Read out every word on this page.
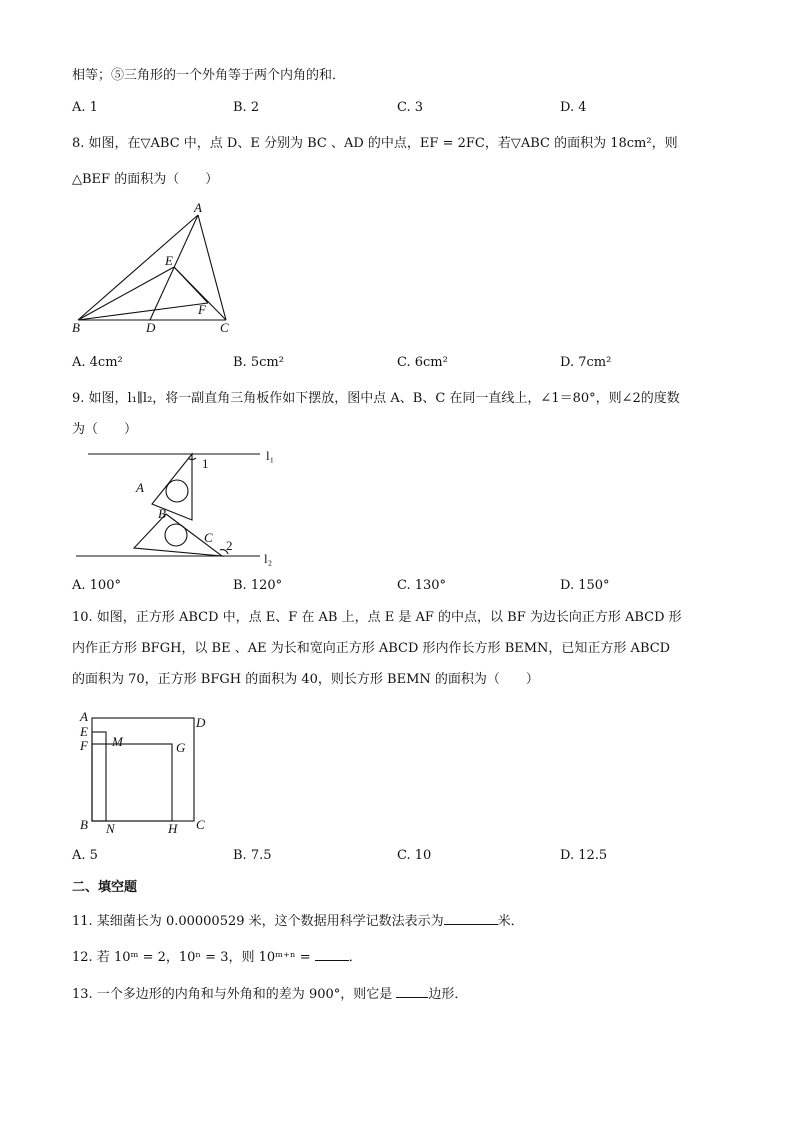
相等；⑤三角形的一个外角等于两个内角的和．
A. 1	B. 2	C. 3	D. 4
8. 如图，在▽ABC 中，点 D、E 分别为 BC 、AD 的中点，EF = 2FC，若▽ABC 的面积为 18cm²，则
△BEF 的面积为（　　）
A
E
F
B	D	C
A. 4cm²	B. 5cm²	C. 6cm²	D. 7cm²
9. 如图，l₁∥l₂，将一副直角三角板作如下摆放，图中点 A、B、C 在同一直线上，∠1＝80°，则∠2的度数
为（　　）
l₁
1
A
B
C
2
l₂
A. 100°	B. 120°	C. 130°	D. 150°
10. 如图，正方形 ABCD 中，点 E、F 在 AB 上，点 E 是 AF 的中点，以 BF 为边长向正方形 ABCD 形
内作正方形 BFGH，以 BE 、AE 为长和宽向正方形 ABCD 形内作长方形 BEMN，已知正方形 ABCD
的面积为 70，正方形 BFGH 的面积为 40，则长方形 BEMN 的面积为（　　）
A	D
E
F M	G
B N	H C
A. 5	B. 7.5	C. 10	D. 12.5
二、填空题
11. 某细菌长为 0.00000529 米，这个数据用科学记数法表示为	米．
12. 若 10ᵐ = 2，10ⁿ = 3，则 10ᵐ⁺ⁿ =	．
13. 一个多边形的内角和与外角和的差为 900°，则它是 边形．
